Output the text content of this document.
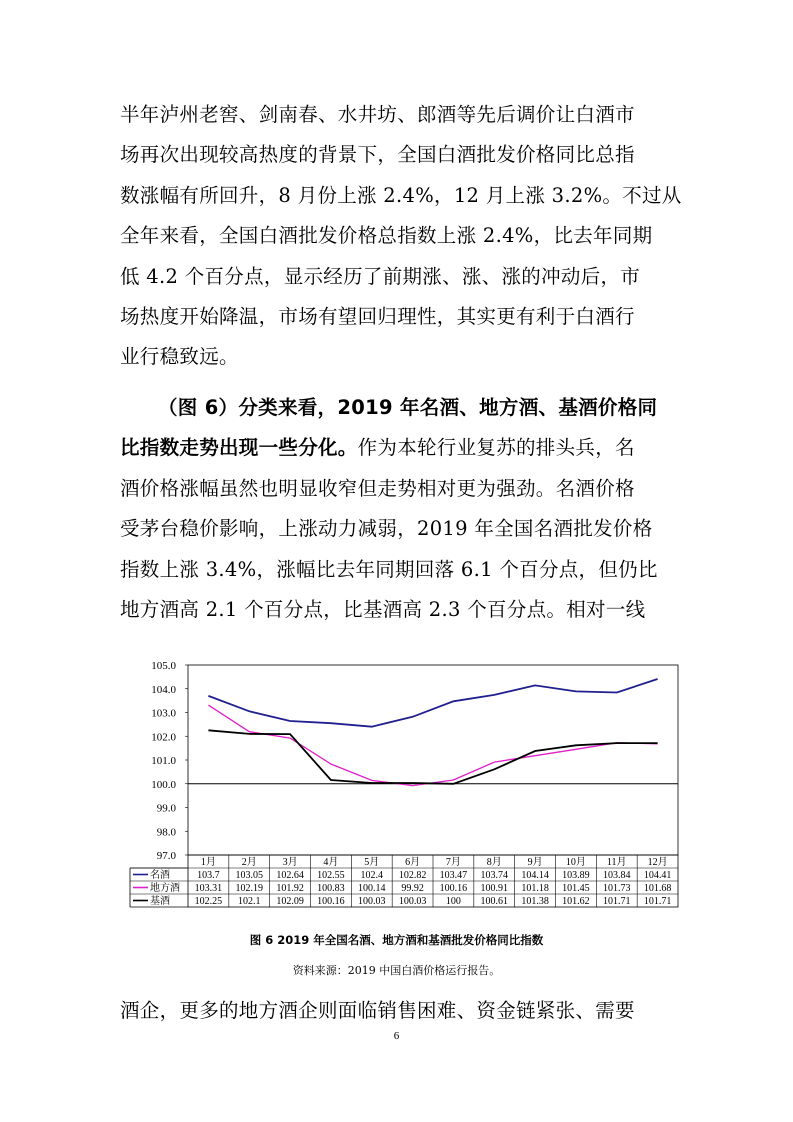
半年泸州老窖、剑南春、水井坊、郎酒等先后调价让白酒市
场再次出现较高热度的背景下，全国白酒批发价格同比总指
数涨幅有所回升，8 月份上涨 2.4%，12 月上涨 3.2%。不过从
全年来看，全国白酒批发价格总指数上涨 2.4%，比去年同期
低 4.2 个百分点，显示经历了前期涨、涨、涨的冲动后，市
场热度开始降温，市场有望回归理性，其实更有利于白酒行
业行稳致远。
（图 6）分类来看，2019 年名酒、地方酒、基酒价格同
比指数走势出现一些分化。作为本轮行业复苏的排头兵，名
酒价格涨幅虽然也明显收窄但走势相对更为强劲。名酒价格
受茅台稳价影响，上涨动力减弱，2019 年全国名酒批发价格
指数上涨 3.4%，涨幅比去年同期回落 6.1 个百分点，但仍比
地方酒高 2.1 个百分点，比基酒高 2.3 个百分点。相对一线
105.0
104.0
103.0
102.0
101.0
100.0
99.0
98.0
97.0
1月	2月	3月	4月	5月	6月	7月	8月	9月 10月 11月 12月
名酒	103.7 103.05 102.64 102.55 102.4 102.82 103.47 103.74 104.14 103.89 103.84 104.41
地方酒 103.31 102.19 101.92 100.83 100.14 99.92 100.16 100.91 101.18 101.45 101.73 101.68
基酒 102.25 102.1 102.09 100.16 100.03 100.03 100 100.61 101.38 101.62 101.71 101.71
图 6 2019 年全国名酒、地方酒和基酒批发价格同比指数
资料来源：2019 中国白酒价格运行报告。
酒企，更多的地方酒企则面临销售困难、资金链紧张、需要
6
